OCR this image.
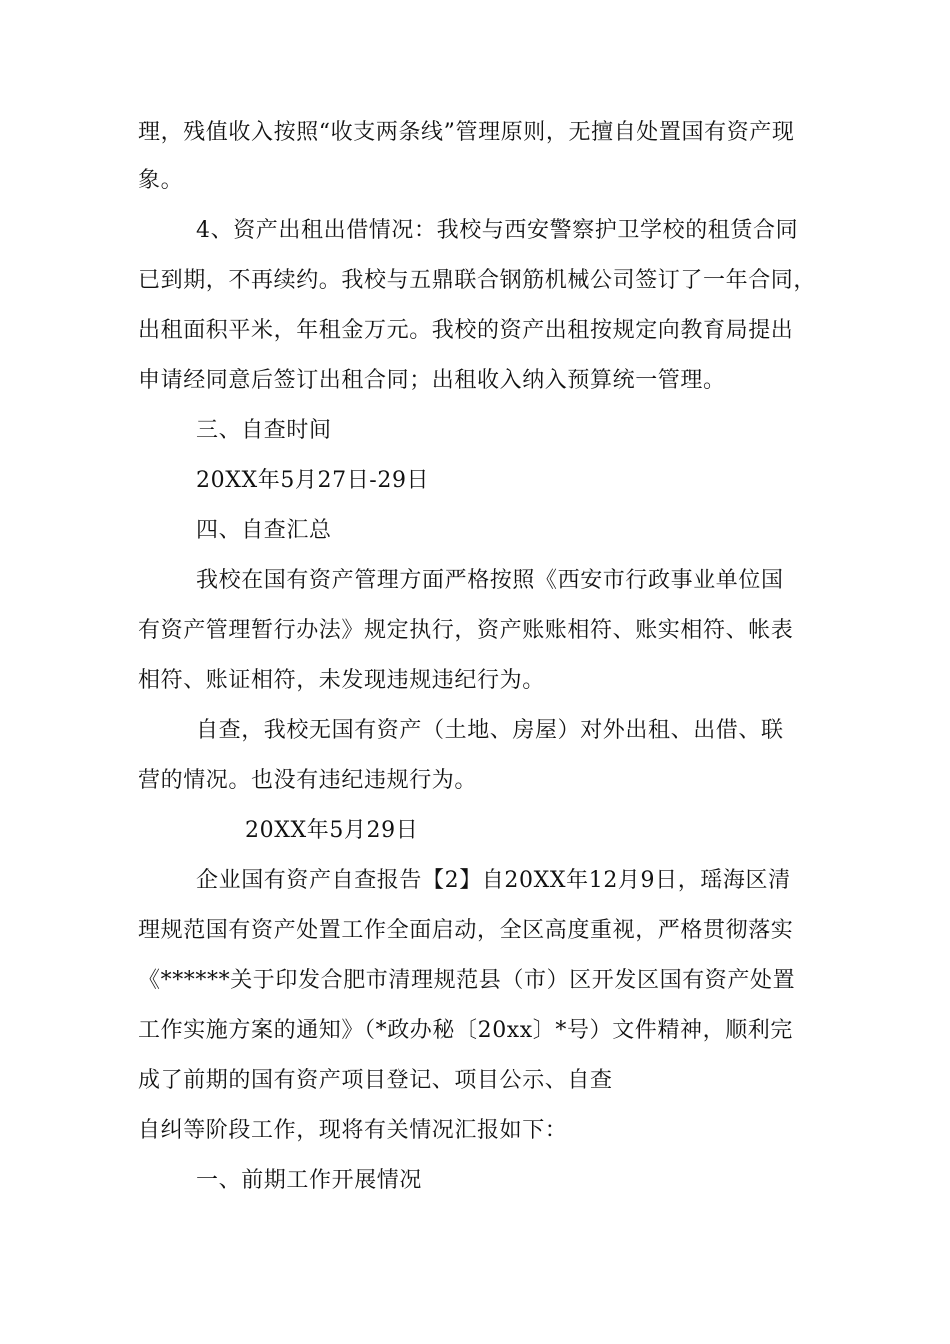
理，残值收入按照“收支两条线”管理原则，无擅自处置国有资产现
象。
4、资产出租出借情况：我校与西安警察护卫学校的租赁合同
已到期，不再续约。我校与五鼎联合钢筋机械公司签订了一年合同，
出租面积平米，年租金万元。我校的资产出租按规定向教育局提出
申请经同意后签订出租合同；出租收入纳入预算统一管理。
三、自查时间
20XX年5月27日-29日
四、自查汇总
我校在国有资产管理方面严格按照《西安市行政事业单位国
有资产管理暂行办法》规定执行，资产账账相符、账实相符、帐表
相符、账证相符，未发现违规违纪行为。
自查，我校无国有资产（土地、房屋）对外出租、出借、联
营的情况。也没有违纪违规行为。
20XX年5月29日
企业国有资产自查报告【2】自20XX年12月9日，瑶海区清
理规范国有资产处置工作全面启动，全区高度重视，严格贯彻落实
《******关于印发合肥市清理规范县（市）区开发区国有资产处置
工作实施方案的通知》（*政办秘〔20xx〕*号）文件精神，顺利完
成了前期的国有资产项目登记、项目公示、自查
自纠等阶段工作，现将有关情况汇报如下：
一、前期工作开展情况
